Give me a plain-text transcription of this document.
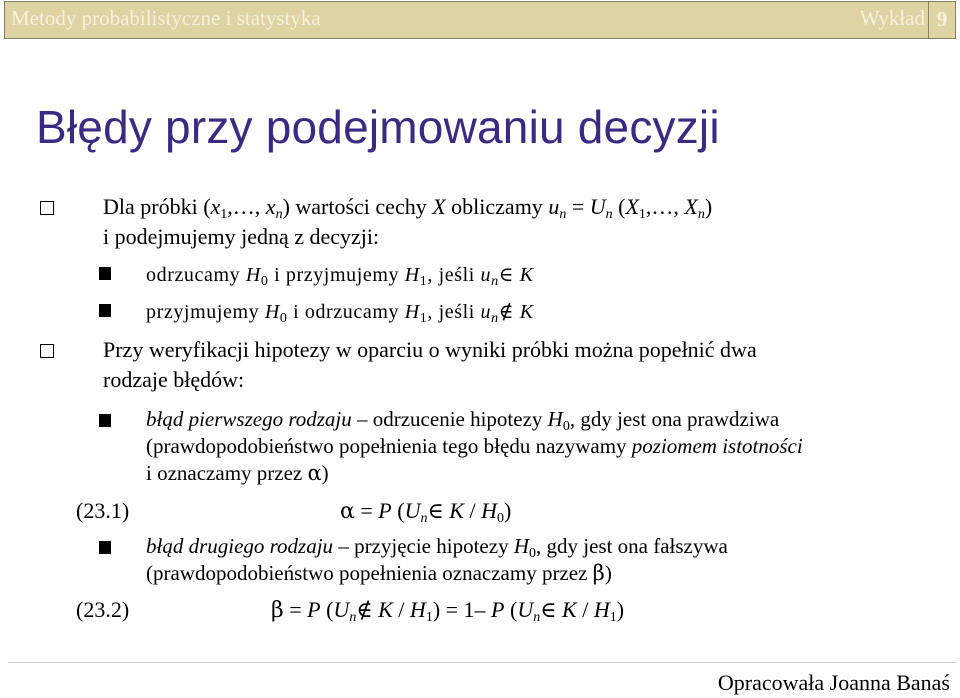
Metody probabilistyczne i statystyka	Wykład 9
Błędy przy podejmowaniu decyzji
Dla próbki ($x_1,\dots$, $x_n$) wartości cechy X obliczamy $u_n = U_n$ ($X_1,\dots$, $X_n$)
i podejmujemy jedną z decyzji:
odrzucamy $H_0$ i przyjmujemy $H_1$, jeśli $u_n\in$ K
przyjmujemy $H_0$ i odrzucamy $H_1$, jeśli $u_n\notin$ K
Przy weryfikacji hipotezy w oparciu o wyniki próbki można popełnić dwa
rodzaje błędów:
błąd pierwszego rodzaju – odrzucenie hipotezy $H_0$, gdy jest ona prawdziwa
(prawdopodobieństwo popełnienia tego błędu nazywamy poziomem istotności
i oznaczamy przez α)
(23.1)	α = P ($U_n\in$ K / $H_0$)
błąd drugiego rodzaju – przyjęcie hipotezy $H_0$, gdy jest ona fałszywa
(prawdopodobieństwo popełnienia oznaczamy przez β)
(23.2)	β = P ($U_n\notin$ $K / H_1) = 1-$ P ($U_n\in$ K / $H_1$)
Opracowała Joanna Banaś
